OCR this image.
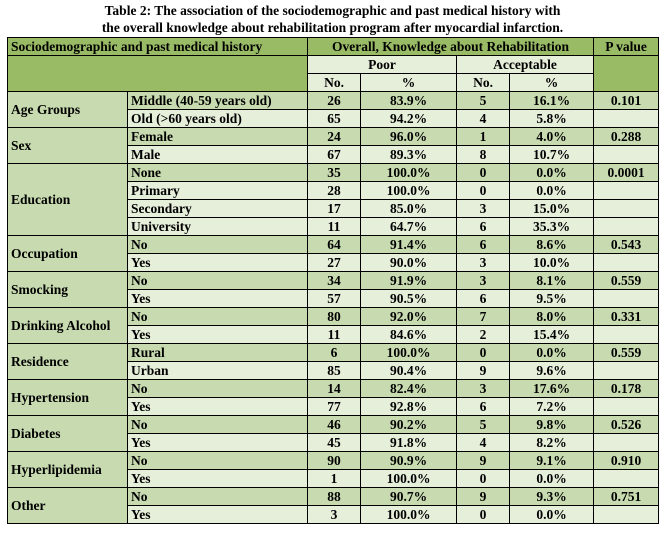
Table 2: The association of the sociodemographic and past medical history with
the overall knowledge about rehabilitation program after myocardial infarction.
Sociodemographic and past medical history		Overall, Knowledge about Rehabilitation				P value
		Poor		Acceptable		
		No.	%	No.	%	
Age Groups	Middle (40-59 years old)	26	83.9%	5	16.1%	0.101
	Old (>60 years old)	65	94.2%	4	5.8%	
Sex	Female	24	96.0%	1	4.0%	0.288
	Male	67	89.3%	8	10.7%	
Education	None	35	100.0%	0	0.0%	0.0001
	Primary	28	100.0%	0	0.0%	
	Secondary	17	85.0%	3	15.0%	
	University	11	64.7%	6	35.3%	
Occupation	No	64	91.4%	6	8.6%	0.543
	Yes	27	90.0%	3	10.0%	
Smocking	No	34	91.9%	3	8.1%	0.559
	Yes	57	90.5%	6	9.5%	
Drinking Alcohol	No	80	92.0%	7	8.0%	0.331
	Yes	11	84.6%	2	15.4%	
Residence	Rural	6	100.0%	0	0.0%	0.559
	Urban	85	90.4%	9	9.6%	
Hypertension	No	14	82.4%	3	17.6%	0.178
	Yes	77	92.8%	6	7.2%	
Diabetes	No	46	90.2%	5	9.8%	0.526
	Yes	45	91.8%	4	8.2%	
Hyperlipidemia	No	90	90.9%	9	9.1%	0.910
	Yes	1	100.0%	0	0.0%	
Other	No	88	90.7%	9	9.3%	0.751
	Yes	3	100.0%	0	0.0%	
